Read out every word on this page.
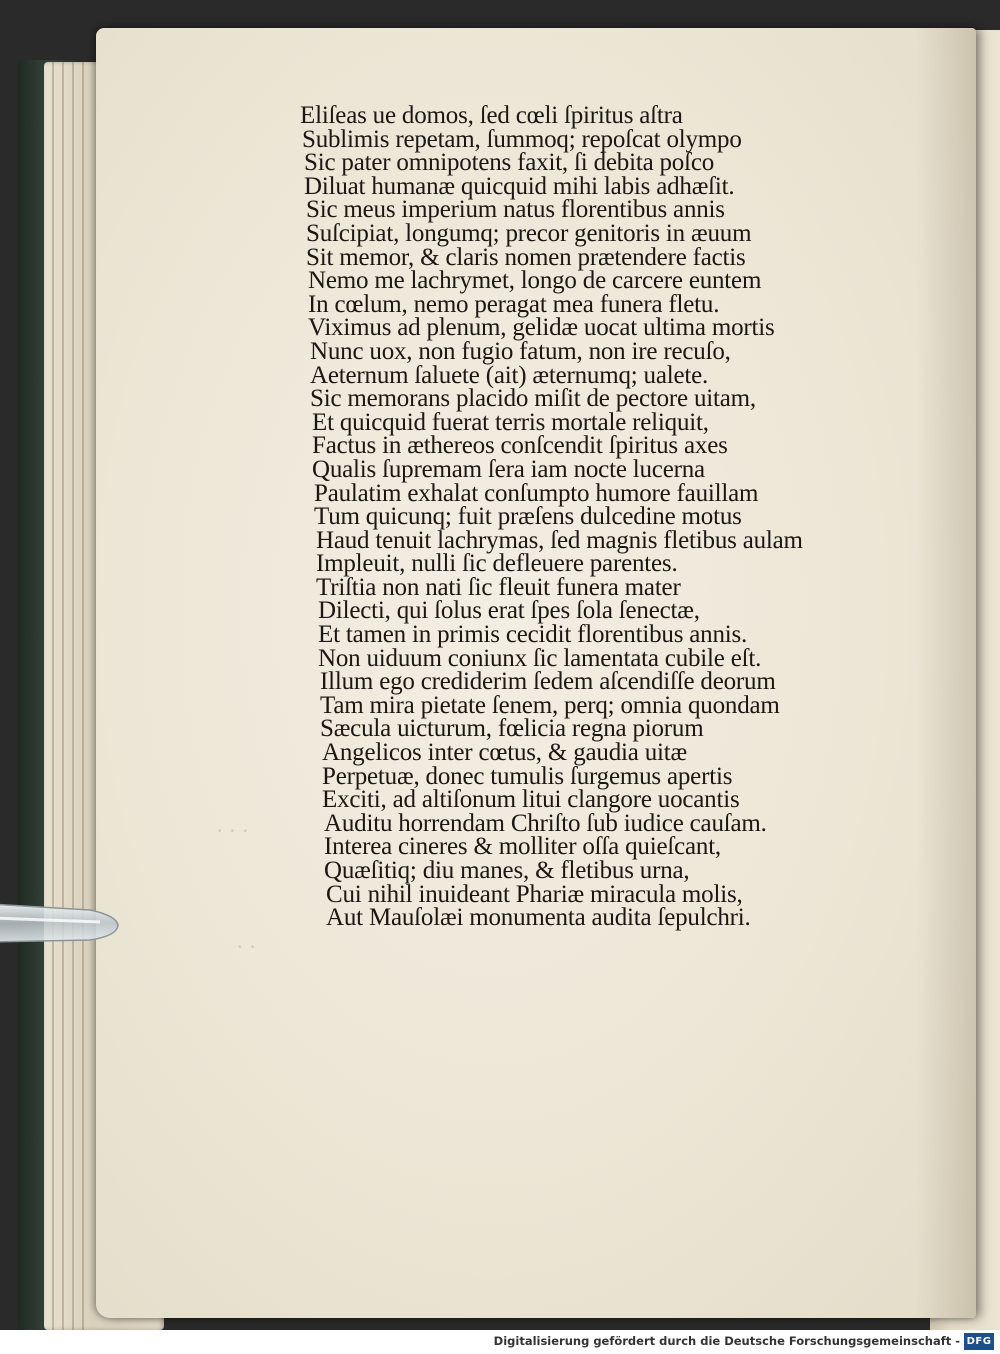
· · ·
· ·
Eliſeas ue domos, ſed cœli ſpiritus aſtra
Sublimis repetam, ſummoq; repoſcat olympo
Sic pater omnipotens faxit, ſi debita poſco
Diluat humanæ quicquid mihi labis adhæſit.
Sic meus imperium natus florentibus annis
Suſcipiat, longumq; precor genitoris in æuum
Sit memor, & claris nomen prætendere factis
Nemo me lachrymet, longo de carcere euntem
In cœlum, nemo peragat mea funera fletu.
Viximus ad plenum, gelidæ uocat ultima mortis
Nunc uox, non fugio fatum, non ire recuſo,
Aeternum ſaluete (ait) æternumq; ualete.
Sic memorans placido miſit de pectore uitam,
Et quicquid fuerat terris mortale reliquit,
Factus in æthereos conſcendit ſpiritus axes
Qualis ſupremam ſera iam nocte lucerna
Paulatim exhalat conſumpto humore fauillam
Tum quicunq; fuit præſens dulcedine motus
Haud tenuit lachrymas, ſed magnis fletibus aulam
Impleuit, nulli ſic defleuere parentes.
Triſtia non nati ſic fleuit funera mater
Dilecti, qui ſolus erat ſpes ſola ſenectæ,
Et tamen in primis cecidit florentibus annis.
Non uiduum coniunx ſic lamentata cubile eſt.
Illum ego crediderim ſedem aſcendiſſe deorum
Tam mira pietate ſenem, perq; omnia quondam
Sæcula uicturum, fœlicia regna piorum
Angelicos inter cœtus, & gaudia uitæ
Perpetuæ, donec tumulis ſurgemus apertis
Exciti, ad altiſonum litui clangore uocantis
Auditu horrendam Chriſto ſub iudice cauſam.
Interea cineres & molliter oſſa quieſcant,
Quæſitiq; diu manes, & fletibus urna,
Cui nihil inuideant Phariæ miracula molis,
Aut Mauſolæi monumenta audita ſepulchri.
Digitalisierung gefördert durch die Deutsche Forschungsgemeinschaft - DFG
